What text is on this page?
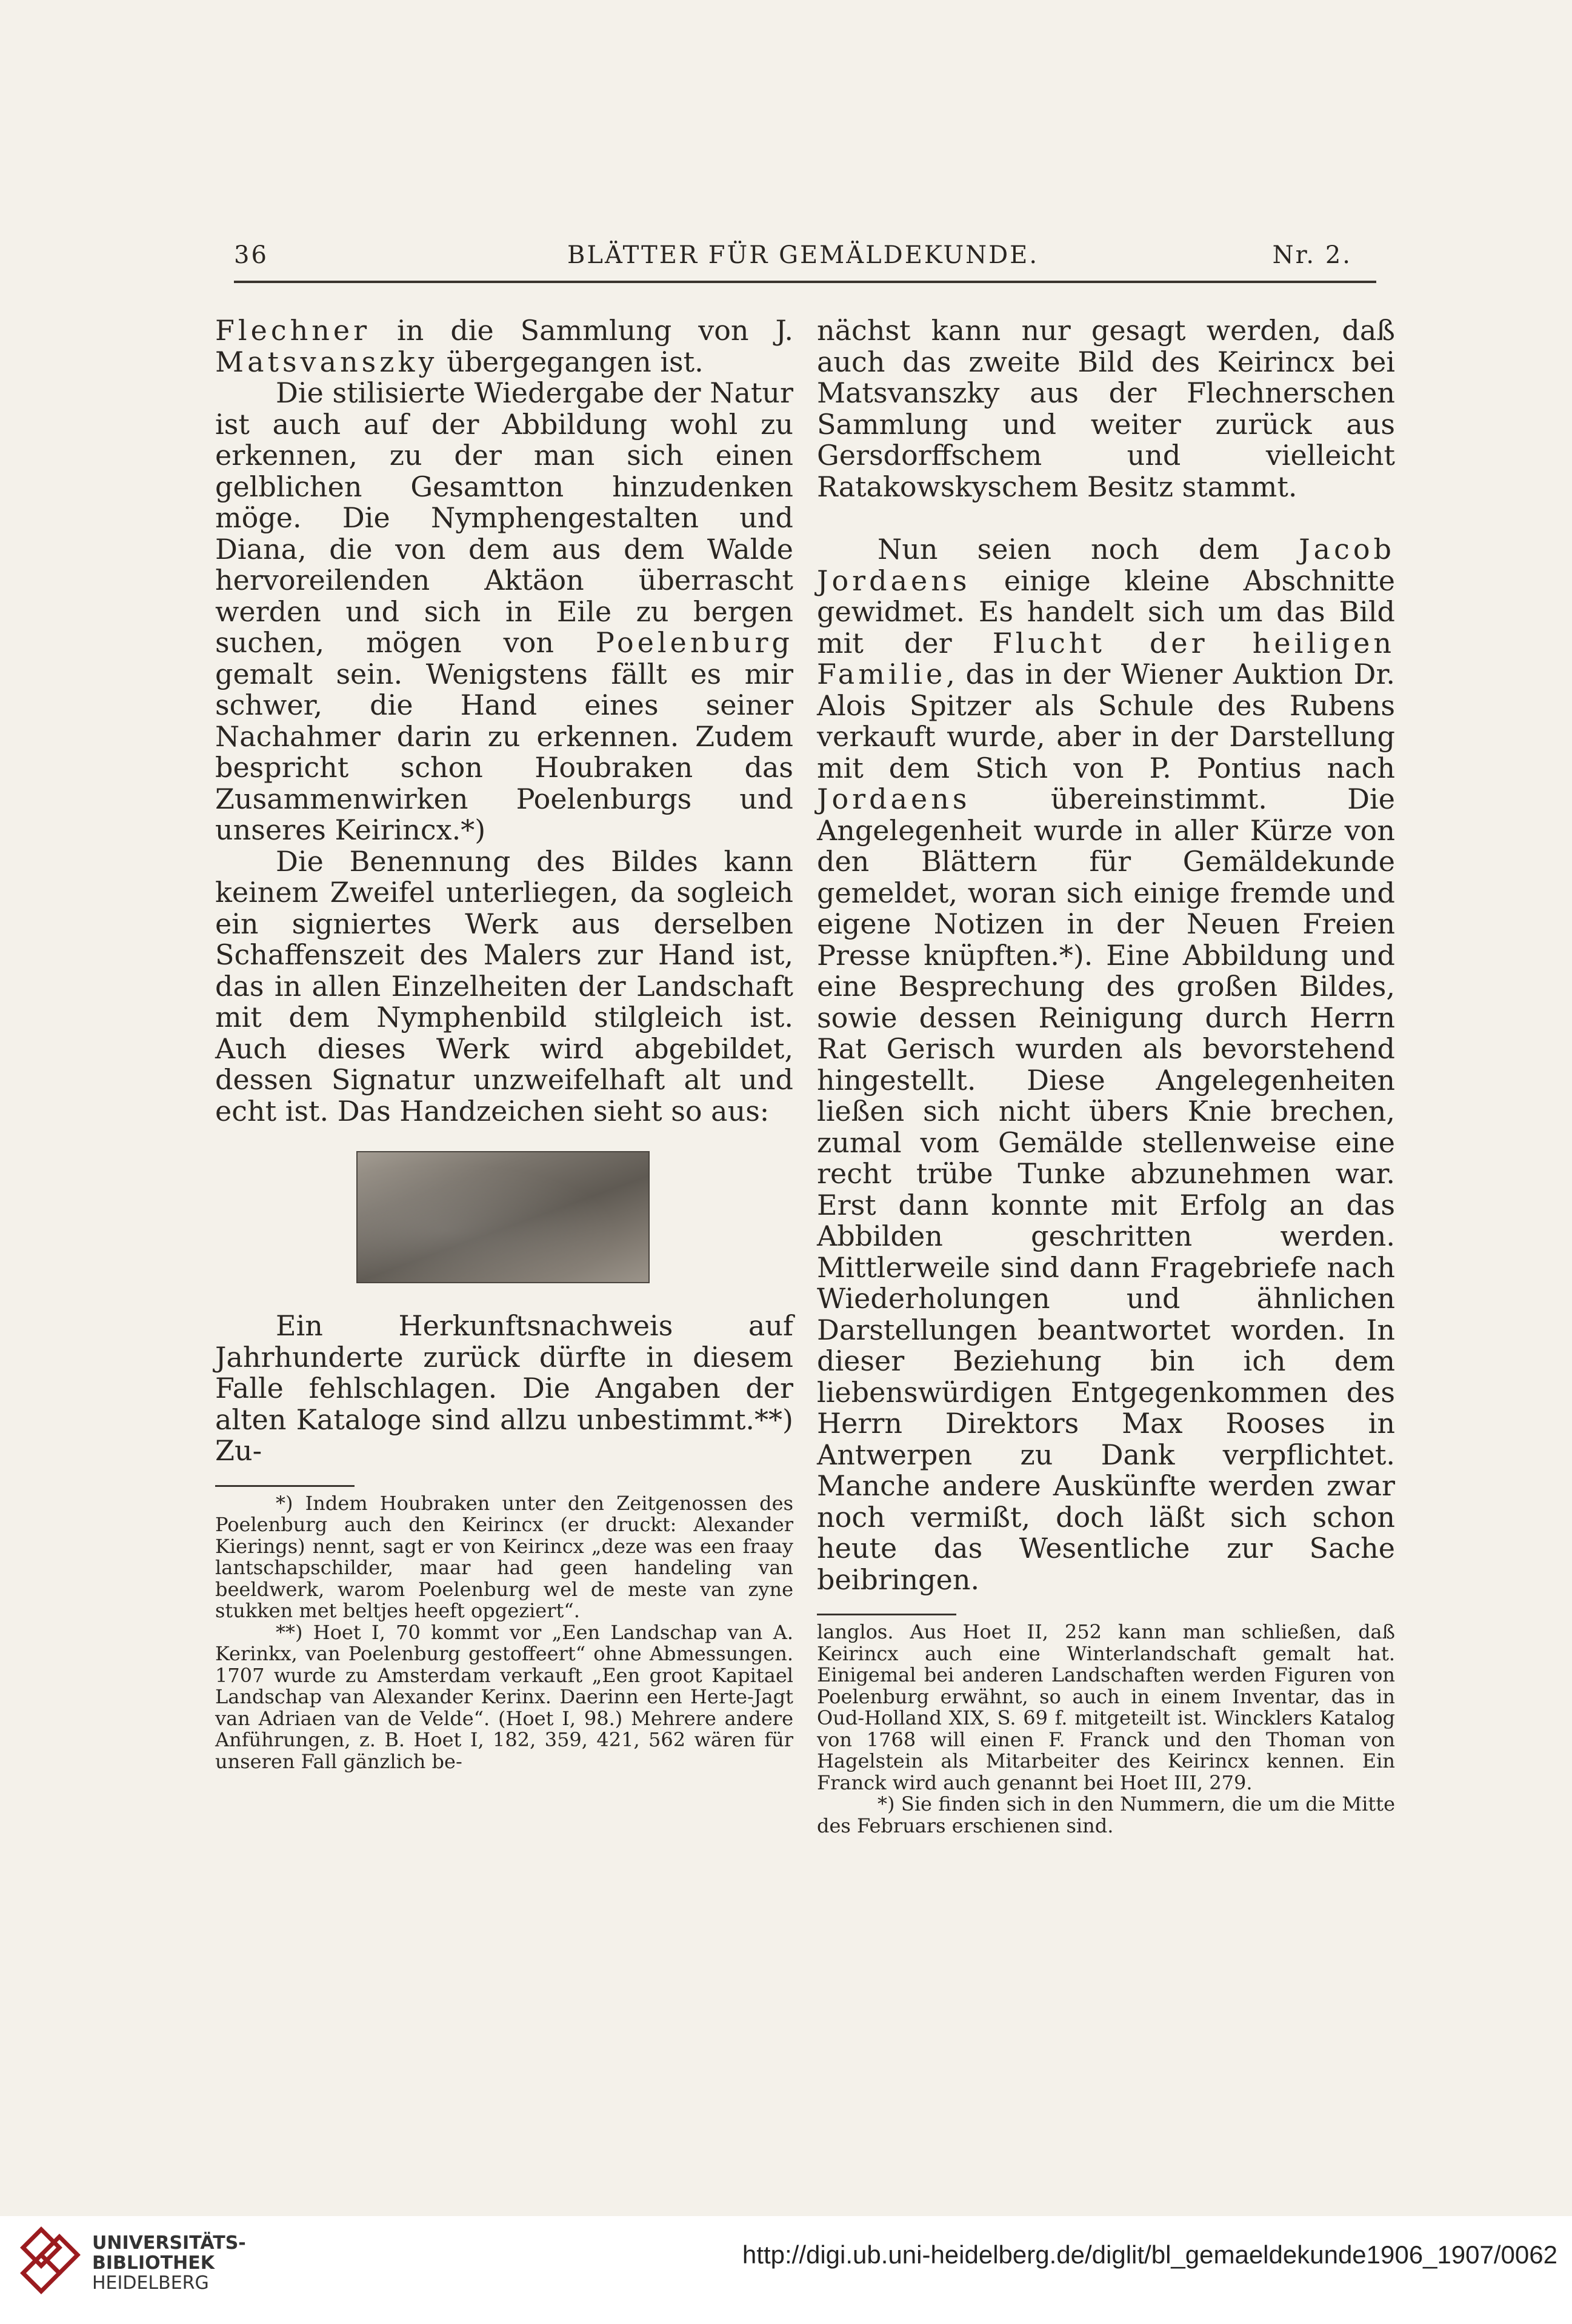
36	BLÄTTER FÜR GEMÄLDEKUNDE.	Nr. 2.

Flechner in die Sammlung von J. Matsvanszky übergegangen ist.

Die stilisierte Wiedergabe der Natur ist auch auf der Abbildung wohl zu erkennen, zu der man sich einen gelblichen Gesamtton hinzudenken möge. Die Nymphengestalten und Diana, die von dem aus dem Walde hervoreilenden Aktäon überrascht werden und sich in Eile zu bergen suchen, mögen von Poelenburg gemalt sein. Wenigstens fällt es mir schwer, die Hand eines seiner Nachahmer darin zu erkennen. Zudem bespricht schon Houbraken das Zusammenwirken Poelenburgs und unseres Keirincx.*)

Die Benennung des Bildes kann keinem Zweifel unterliegen, da sogleich ein signiertes Werk aus derselben Schaffenszeit des Malers zur Hand ist, das in allen Einzelheiten der Landschaft mit dem Nymphenbild stilgleich ist. Auch dieses Werk wird abgebildet, dessen Signatur unzweifelhaft alt und echt ist. Das Handzeichen sieht so aus:

Ein Herkunftsnachweis auf Jahrhunderte zurück dürfte in diesem Falle fehlschlagen. Die Angaben der alten Kataloge sind allzu unbestimmt.**) Zu-

*) Indem Houbraken unter den Zeitgenossen des Poelenburg auch den Keirincx (er druckt: Alexander Kierings) nennt, sagt er von Keirincx „deze was een fraay lantschapschilder, maar had geen handeling van beeldwerk, warom Poelenburg wel de meste van zyne stukken met beltjes heeft opgeziert“.

**) Hoet I, 70 kommt vor „Een Landschap van A. Kerinkx, van Poelenburg gestoffeert“ ohne Abmessungen. 1707 wurde zu Amsterdam verkauft „Een groot Kapitael Landschap van Alexander Kerinx. Daerinn een Herte-Jagt van Adriaen van de Velde“. (Hoet I, 98.) Mehrere andere Anführungen, z. B. Hoet I, 182, 359, 421, 562 wären für unseren Fall gänzlich be-

nächst kann nur gesagt werden, daß auch das zweite Bild des Keirincx bei Matsvanszky aus der Flechnerschen Sammlung und weiter zurück aus Gersdorffschem und vielleicht Ratakowskyschem Besitz stammt.

Nun seien noch dem Jacob Jordaens einige kleine Abschnitte gewidmet. Es handelt sich um das Bild mit der Flucht der heiligen Familie, das in der Wiener Auktion Dr. Alois Spitzer als Schule des Rubens verkauft wurde, aber in der Darstellung mit dem Stich von P. Pontius nach Jordaens übereinstimmt. Die Angelegenheit wurde in aller Kürze von den Blättern für Gemäldekunde gemeldet, woran sich einige fremde und eigene Notizen in der Neuen Freien Presse knüpften.*). Eine Abbildung und eine Besprechung des großen Bildes, sowie dessen Reinigung durch Herrn Rat Gerisch wurden als bevorstehend hingestellt. Diese Angelegenheiten ließen sich nicht übers Knie brechen, zumal vom Gemälde stellenweise eine recht trübe Tunke abzunehmen war. Erst dann konnte mit Erfolg an das Abbilden geschritten werden. Mittlerweile sind dann Fragebriefe nach Wiederholungen und ähnlichen Darstellungen beantwortet worden. In dieser Beziehung bin ich dem liebenswürdigen Entgegenkommen des Herrn Direktors Max Rooses in Antwerpen zu Dank verpflichtet. Manche andere Auskünfte werden zwar noch vermißt, doch läßt sich schon heute das Wesentliche zur Sache beibringen.

langlos. Aus Hoet II, 252 kann man schließen, daß Keirincx auch eine Winterlandschaft gemalt hat. Einigemal bei anderen Landschaften werden Figuren von Poelenburg erwähnt, so auch in einem Inventar, das in Oud-Holland XIX, S. 69 f. mitgeteilt ist. Wincklers Katalog von 1768 will einen F. Franck und den Thoman von Hagelstein als Mitarbeiter des Keirincx kennen. Ein Franck wird auch genannt bei Hoet III, 279.

*) Sie finden sich in den Nummern, die um die Mitte des Februars erschienen sind.

UNIVERSITÄTS-
BIBLIOTHEK
HEIDELBERG
http://digi.ub.uni-heidelberg.de/diglit/bl_gemaeldekunde1906_1907/0062
